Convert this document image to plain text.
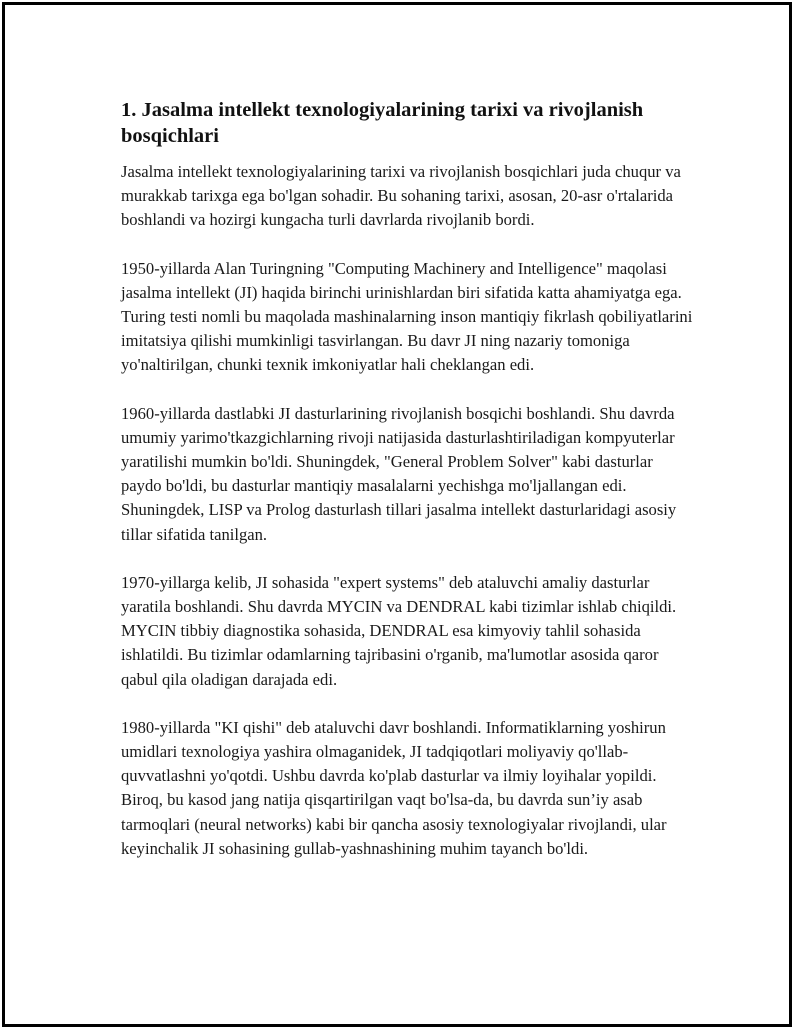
1. Jasalma intellekt texnologiyalarining tarixi va rivojlanish bosqichlari

Jasalma intellekt texnologiyalarining tarixi va rivojlanish bosqichlari juda chuqur va murakkab tarixga ega bo'lgan sohadir. Bu sohaning tarixi, asosan, 20-asr o'rtalarida boshlandi va hozirgi kungacha turli davrlarda rivojlanib bordi.

1950-yillarda Alan Turingning "Computing Machinery and Intelligence" maqolasi jasalma intellekt (JI) haqida birinchi urinishlardan biri sifatida katta ahamiyatga ega. Turing testi nomli bu maqolada mashinalarning inson mantiqiy fikrlash qobiliyatlarini imitatsiya qilishi mumkinligi tasvirlangan. Bu davr JI ning nazariy tomoniga yo'naltirilgan, chunki texnik imkoniyatlar hali cheklangan edi.

1960-yillarda dastlabki JI dasturlarining rivojlanish bosqichi boshlandi. Shu davrda umumiy yarimo'tkazgichlarning rivoji natijasida dasturlashtiriladigan kompyuterlar yaratilishi mumkin bo'ldi. Shuningdek, "General Problem Solver" kabi dasturlar paydo bo'ldi, bu dasturlar mantiqiy masalalarni yechishga mo'ljallangan edi. Shuningdek, LISP va Prolog dasturlash tillari jasalma intellekt dasturlaridagi asosiy tillar sifatida tanilgan.

1970-yillarga kelib, JI sohasida "expert systems" deb ataluvchi amaliy dasturlar yaratila boshlandi. Shu davrda MYCIN va DENDRAL kabi tizimlar ishlab chiqildi. MYCIN tibbiy diagnostika sohasida, DENDRAL esa kimyoviy tahlil sohasida ishlatildi. Bu tizimlar odamlarning tajribasini o'rganib, ma'lumotlar asosida qaror qabul qila oladigan darajada edi.

1980-yillarda "KI qishi" deb ataluvchi davr boshlandi. Informatiklarning yoshirun umidlari texnologiya yashira olmaganidek, JI tadqiqotlari moliyaviy qo'llab-quvvatlashni yo'qotdi. Ushbu davrda ko'plab dasturlar va ilmiy loyihalar yopildi. Biroq, bu kasod jang natija qisqartirilgan vaqt bo'lsa-da, bu davrda sun’iy asab tarmoqlari (neural networks) kabi bir qancha asosiy texnologiyalar rivojlandi, ular keyinchalik JI sohasining gullab-yashnashining muhim tayanch bo'ldi.
